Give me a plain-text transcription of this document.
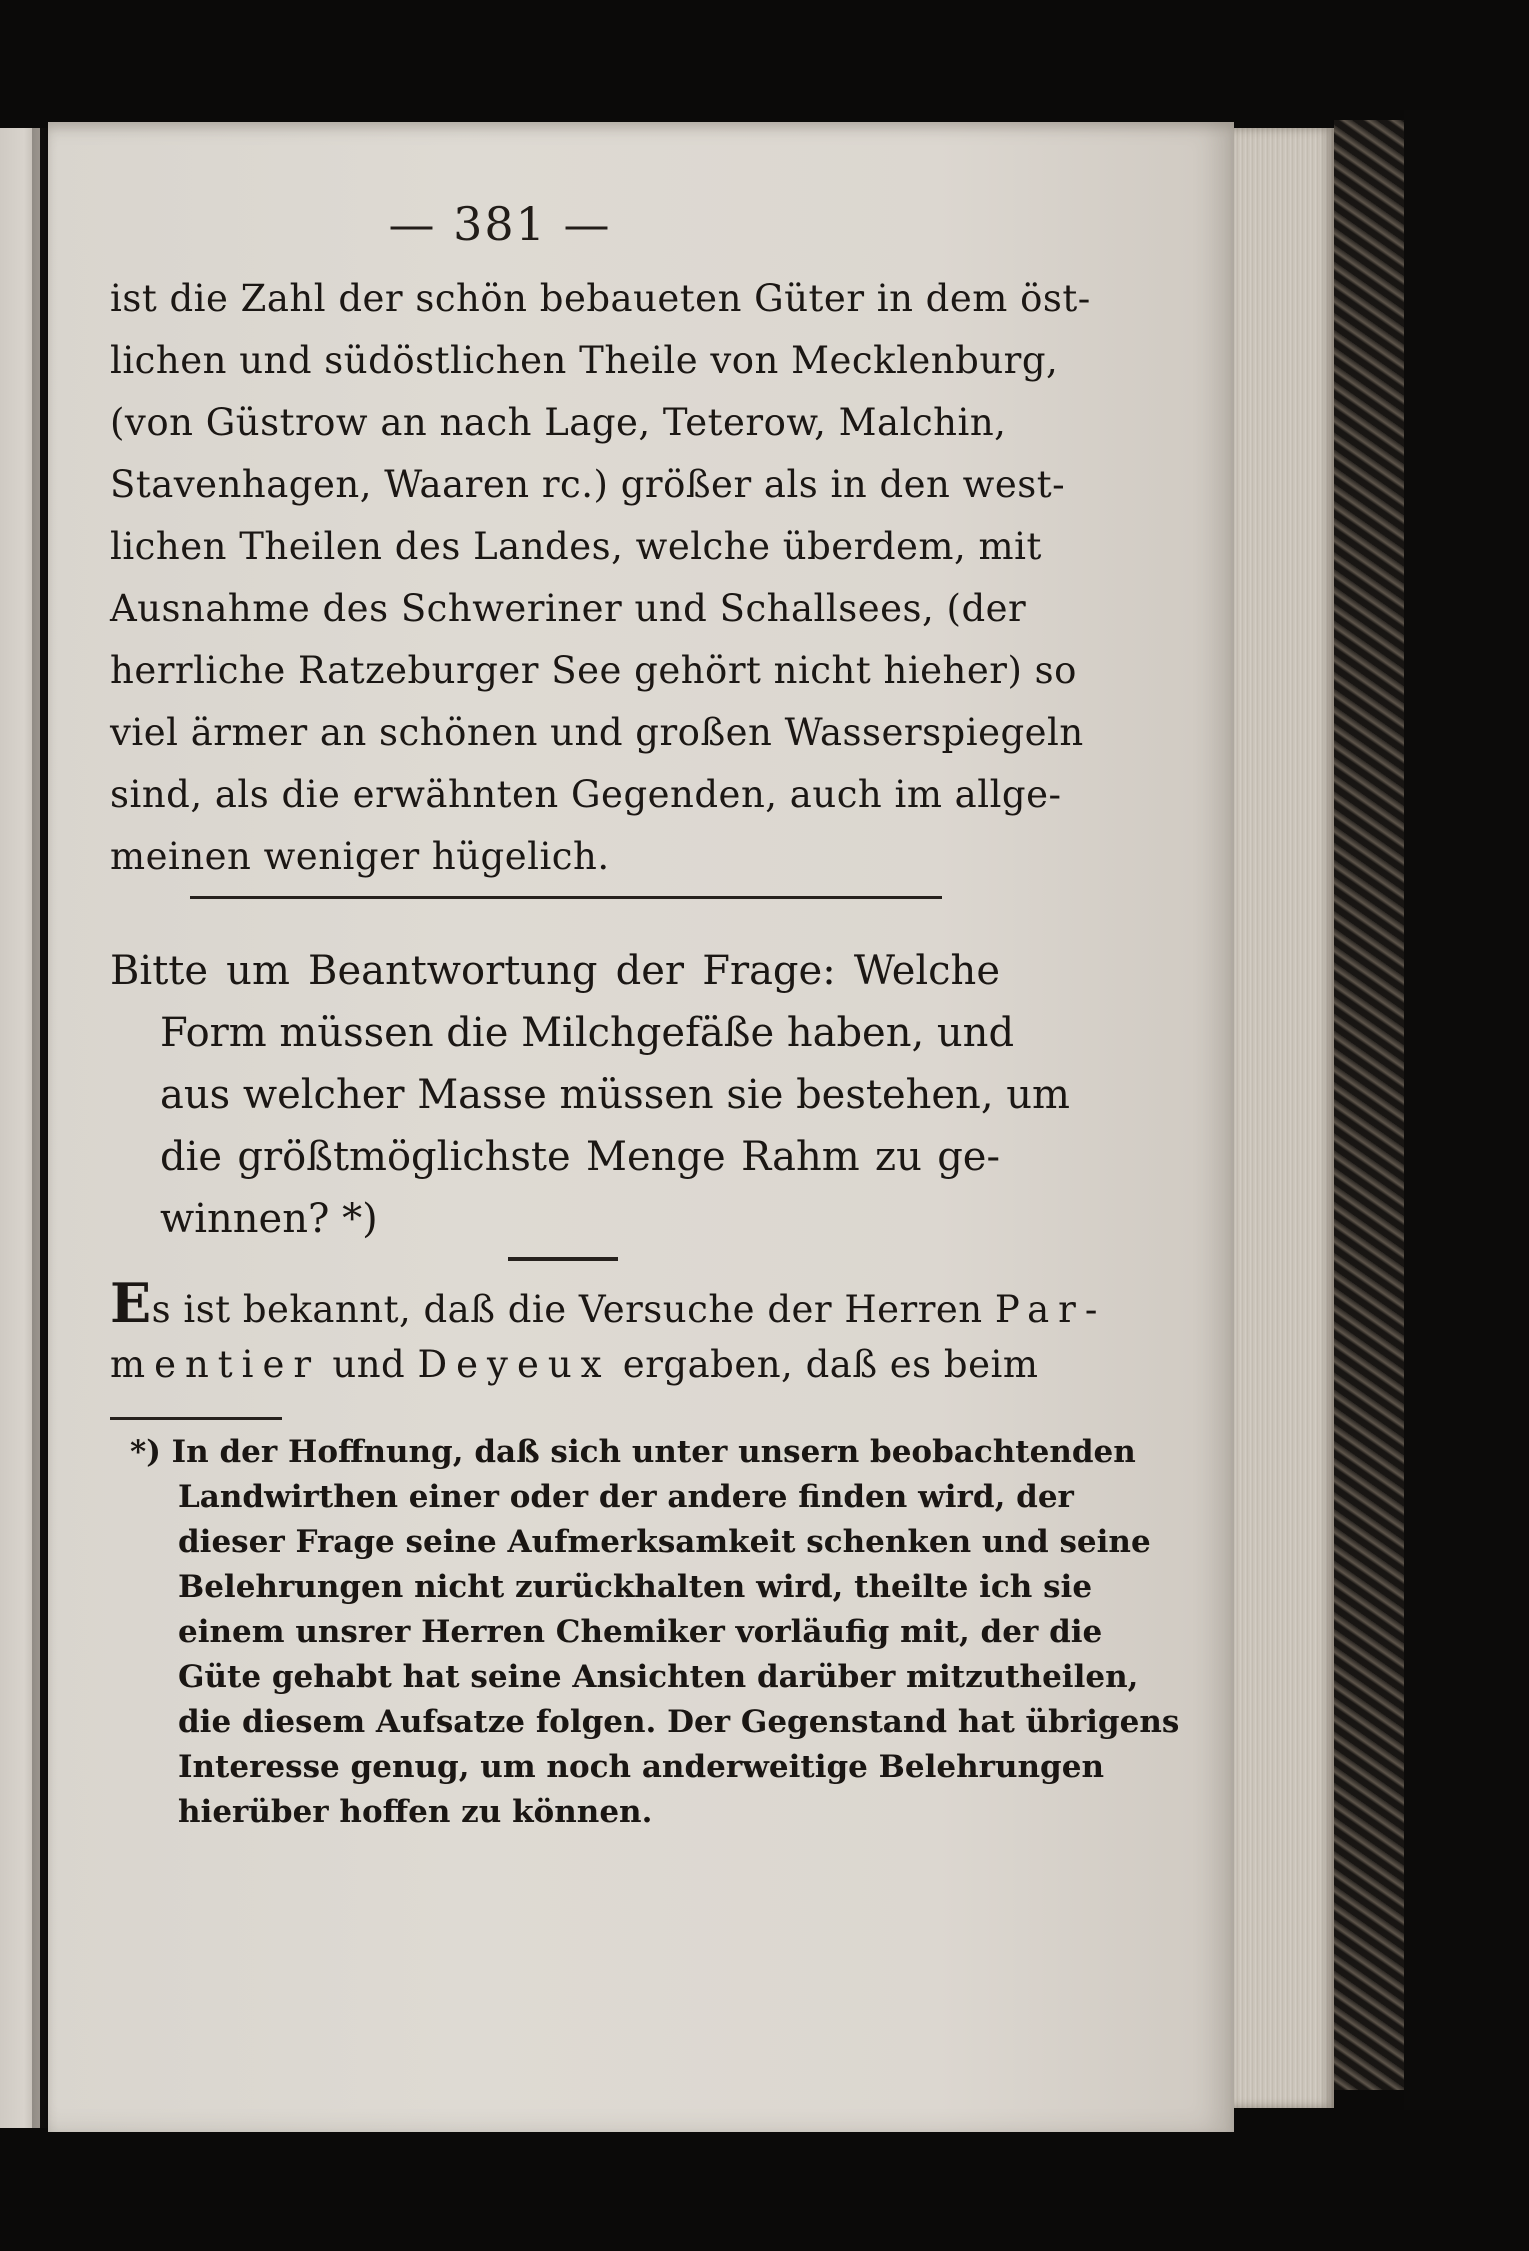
— 381 —
ist die Zahl der schön bebaueten Güter in dem öst-
lichen und südöstlichen Theile von Mecklenburg,
(von Güstrow an nach Lage, Teterow, Malchin,
Stavenhagen, Waaren rc.) größer als in den west-
lichen Theilen des Landes, welche überdem, mit
Ausnahme des Schweriner und Schallsees, (der
herrliche Ratzeburger See gehört nicht hieher) so
viel ärmer an schönen und großen Wasserspiegeln
sind, als die erwähnten Gegenden, auch im allge-
meinen weniger hügelich.
Bitte um Beantwortung der Frage: Welche
Form müssen die Milchgefäße haben, und
aus welcher Masse müssen sie bestehen, um
die größtmöglichste Menge Rahm zu ge-
winnen? *)
Es ist bekannt, daß die Versuche der Herren Par-
mentier und Deyeux ergaben, daß es beim
*) In der Hoffnung, daß sich unter unsern beobachtenden
Landwirthen einer oder der andere finden wird, der
dieser Frage seine Aufmerksamkeit schenken und seine
Belehrungen nicht zurückhalten wird, theilte ich sie
einem unsrer Herren Chemiker vorläufig mit, der die
Güte gehabt hat seine Ansichten darüber mitzutheilen,
die diesem Aufsatze folgen. Der Gegenstand hat übrigens
Interesse genug, um noch anderweitige Belehrungen
hierüber hoffen zu können.
